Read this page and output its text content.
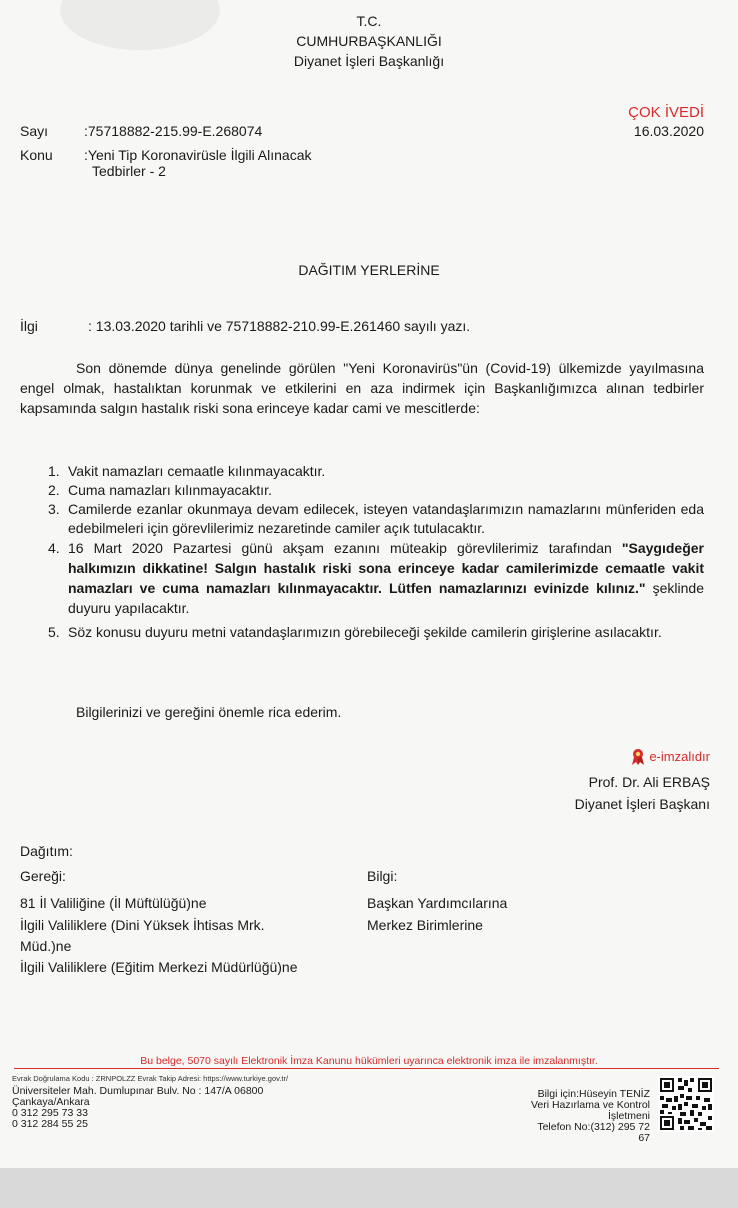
T.C.
CUMHURBAŞKANLIĞI
Diyanet İşleri Başkanlığı
Sayı	:75718882-215.99-E.268074
Konu :Yeni Tip Koronavirüsle İlgili Alınacak
Tedbirler - 2
ÇOK İVEDİ
16.03.2020
DAĞITIM YERLERİNE
İlgi	: 13.03.2020 tarihli ve 75718882-210.99-E.261460 sayılı yazı.

Son dönemde dünya genelinde görülen "Yeni Koronavirüs"ün (Covid-19) ülkemizde yayılmasına engel olmak, hastalıktan korunmak ve etkilerini en aza indirmek için Başkanlığımızca alınan tedbirler kapsamında salgın hastalık riski sona erinceye kadar cami ve mescitlerde:

1. Vakit namazları cemaatle kılınmayacaktır.
2. Cuma namazları kılınmayacaktır.
3. Camilerde ezanlar okunmaya devam edilecek, isteyen vatandaşlarımızın namazlarını münferiden eda edebilmeleri için görevlilerimiz nezaretinde camiler açık tutulacaktır.
4. 16 Mart 2020 Pazartesi günü akşam ezanını müteakip görevlilerimiz tarafından "Saygıdeğer halkımızın dikkatine! Salgın hastalık riski sona erinceye kadar camilerimizde cemaatle vakit namazları ve cuma namazları kılınmayacaktır. Lütfen namazlarınızı evinizde kılınız." şeklinde duyuru yapılacaktır.
5. Söz konusu duyuru metni vatandaşlarımızın görebileceği şekilde camilerin girişlerine asılacaktır.
Bilgilerinizi ve gereğini önemle rica ederim.
e-imzalıdır
Prof. Dr. Ali ERBAŞ
Diyanet İşleri Başkanı
Dağıtım:
Gereği:
81 İl Valiliğine (İl Müftülüğü)ne
İlgili Valiliklere (Dini Yüksek İhtisas Mrk.
Müd.)ne
İlgili Valiliklere (Eğitim Merkezi Müdürlüğü)ne
Bilgi:
Başkan Yardımcılarına
Merkez Birimlerine
Bu belge, 5070 sayılı Elektronik İmza Kanunu hükümleri uyarınca elektronik imza ile imzalanmıştır.
Evrak Doğrulama Kodu : ZRNPOLZZ Evrak Takip Adresi: https://www.turkiye.gov.tr/
Üniversiteler Mah. Dumlupınar Bulv. No : 147/A 06800
Çankaya/Ankara
0 312 295 73 33
0 312 284 55 25
Bilgi için:Hüseyin TENİZ
Veri Hazırlama ve Kontrol
İşletmeni
Telefon No:(312) 295 72
67
